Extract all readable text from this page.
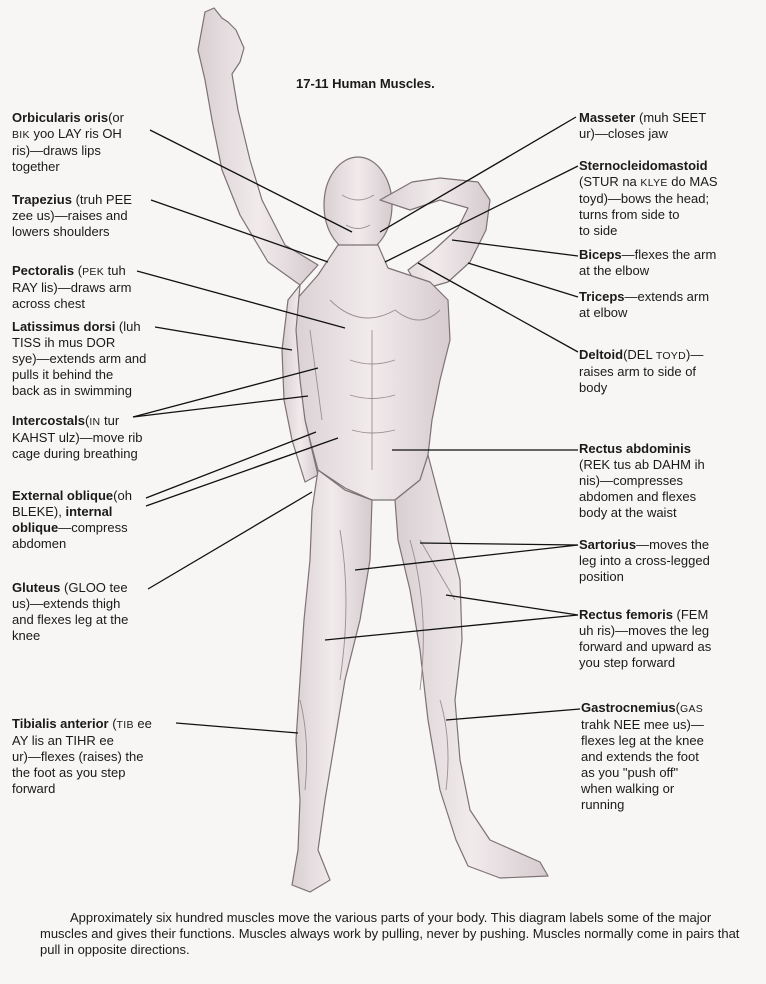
17-11 Human Muscles.
Orbicularis oris(or
BIK yoo LAY ris OH
ris)—draws lips
together
Trapezius (truh PEE
zee us)—raises and
lowers shoulders
Pectoralis (PEK tuh
RAY lis)—draws arm
across chest
Latissimus dorsi (luh
TISS ih mus DOR
sye)—extends arm and
pulls it behind the
back as in swimming
Intercostals(IN tur
KAHST ulz)—move rib
cage during breathing
External oblique(oh
BLEKE), internal
oblique—compress
abdomen
Gluteus (GLOO tee
us)—extends thigh
and flexes leg at the
knee
Tibialis anterior (TIB ee
AY lis an TIHR ee
ur)—flexes (raises) the
the foot as you step
forward
Masseter (muh SEET
ur)—closes jaw
Sternocleidomastoid
(STUR na KLYE do MAS
toyd)—bows the head;
turns from side to
to side
Biceps—flexes the arm
at the elbow
Triceps—extends arm
at elbow
Deltoid(DEL TOYD)—
raises arm to side of
body
Rectus abdominis
(REK tus ab DAHM ih
nis)—compresses
abdomen and flexes
body at the waist
Sartorius—moves the
leg into a cross-legged
position
Rectus femoris (FEM
uh ris)—moves the leg
forward and upward as
you step forward
Gastrocnemius(GAS
trahk NEE mee us)—
flexes leg at the knee
and extends the foot
as you "push off"
when walking or
running
Approximately six hundred muscles move the various parts of your body. This diagram labels some of the major muscles and gives their functions. Muscles always work by pulling, never by pushing. Muscles normally come in pairs that pull in opposite directions.
